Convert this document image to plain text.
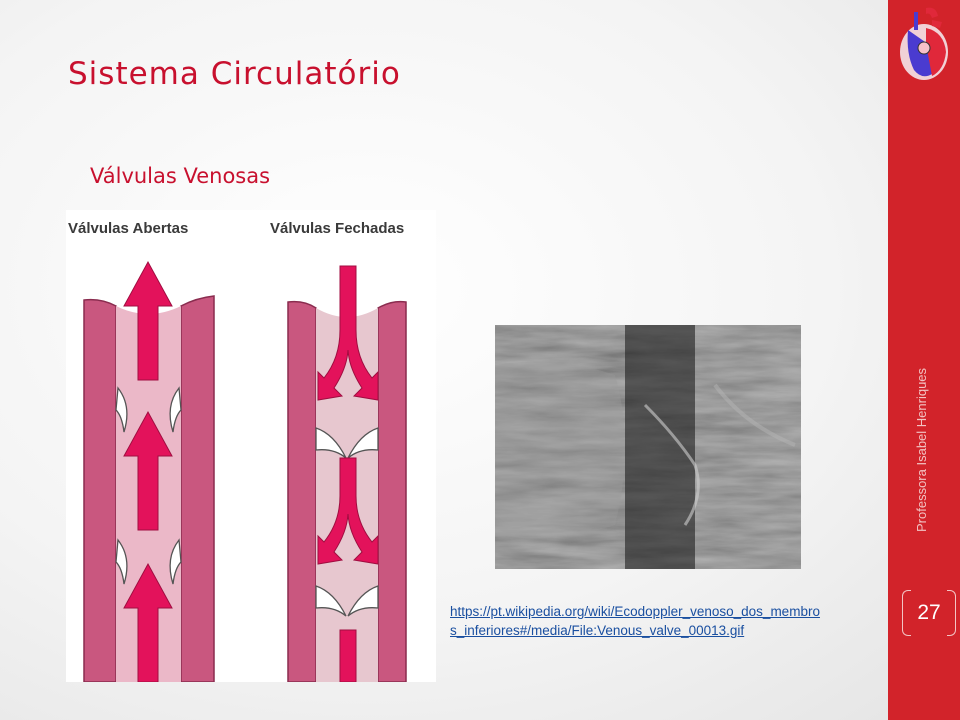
Sistema Circulatório
Válvulas Venosas
Válvulas Abertas	Válvulas Fechadas
https://pt.wikipedia.org/wiki/Ecodoppler_venoso_dos_membros_inferiores#/media/File:Venous_valve_00013.gif
Professora Isabel Henriques
27
